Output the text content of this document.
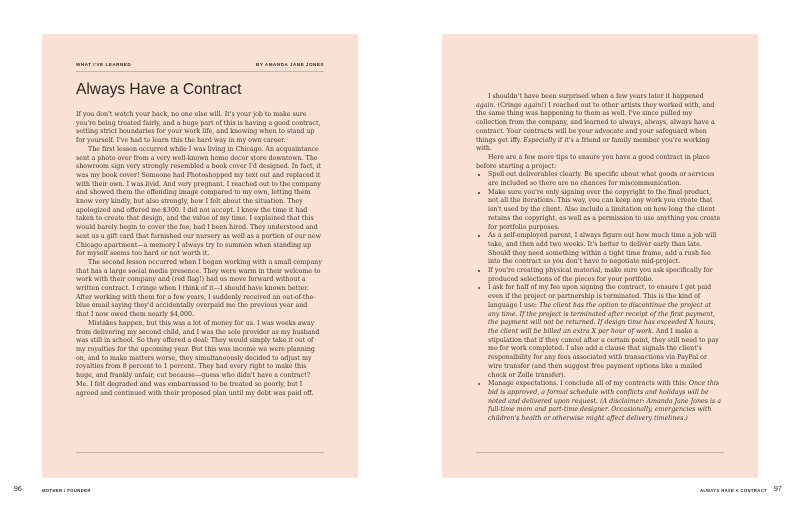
WHAT I'VE LEARNED	BY AMANDA JANE JONES
Always Have a Contract

If you don't watch your back, no one else will. It's your job to make sure you're being treated fairly, and a huge part of this is having a good contract, setting strict boundaries for your work life, and knowing when to stand up for yourself. I've had to learn this the hard way in my own career.

The first lesson occurred while I was living in Chicago. An acquaintance sent a photo over from a very well-known home decor store downtown. The showroom sign very strongly resembled a book cover I'd designed. In fact, it was my book cover! Someone had Photoshopped my text out and replaced it with their own. I was livid. And very pregnant. I reached out to the company and showed them the offending image compared to my own, letting them know very kindly, but also strongly, how I felt about the situation. They apologized and offered me $300. I did not accept. I knew the time it had taken to create that design, and the value of my time. I explained that this would barely begin to cover the fee, had I been hired. They understood and sent us a gift card that furnished our nursery as well as a portion of our new Chicago apartment—a memory I always try to summon when standing up for myself seems too hard or not worth it.

The second lesson occurred when I began working with a small company that has a large social media presence. They were warm in their welcome to work with their company and (red flag!) had us move forward without a written contract. I cringe when I think of it—I should have known better. After working with them for a few years, I suddenly received an out-of-the-blue email saying they'd accidentally overpaid me the previous year and that I now owed them nearly $4,000.

Mistakes happen, but this was a lot of money for us. I was weeks away from delivering my second child, and I was the sole provider as my husband was still in school. So they offered a deal: They would simply take it out of my royalties for the upcoming year. But this was income we were planning on, and to make matters worse, they simultaneously decided to adjust my royalties from 8 percent to 1 percent. They had every right to make this huge, and frankly unfair, cut because—guess who didn't have a contract? Me. I felt degraded and was embarrassed to be treated so poorly, but I agreed and continued with their proposed plan until my debt was paid off.

96	MOTHER / FOUNDER

I shouldn't have been surprised when a few years later it happened again. (Cringe again!) I reached out to other artists they worked with, and the same thing was happening to them as well. I've since pulled my collection from the company, and learned to always, always, always have a contract. Your contracts will be your advocate and your safeguard when things get iffy. Especially if it's a friend or family member you're working with.

Here are a few more tips to ensure you have a good contract in place before starting a project:

• Spell out deliverables clearly. Be specific about what goods or services are included so there are no chances for miscommunication.
• Make sure you're only signing over the copyright to the final product, not all the iterations. This way, you can keep any work you create that isn't used by the client. Also include a limitation on how long the client retains the copyright, as well as a permission to use anything you create for portfolio purposes.
• As a self-employed parent, I always figure out how much time a job will take, and then add two weeks. It's better to deliver early than late. Should they need something within a tight time frame, add a rush fee into the contract so you don't have to negotiate mid-project.
• If you're creating physical material, make sure you ask specifically for produced selections of the pieces for your portfolio.
• I ask for half of my fee upon signing the contract, to ensure I get paid even if the project or partnership is terminated. This is the kind of language I use: The client has the option to discontinue the project at any time. If the project is terminated after receipt of the first payment, the payment will not be returned. If design time has exceeded X hours, the client will be billed an extra X per hour of work. And I make a stipulation that if they cancel after a certain point, they still need to pay me for work completed. I also add a clause that signals the client's responsibility for any fees associated with transactions via PayPal or wire transfer (and then suggest free payment options like a mailed check or Zelle transfer).
• Manage expectations. I conclude all of my contracts with this: Once this bid is approved, a formal schedule with conflicts and holidays will be noted and delivered upon request. (A disclaimer: Amanda Jane Jones is a full-time mom and part-time designer. Occasionally, emergencies with children's health or otherwise might affect delivery timelines.)
ALWAYS HAVE A CONTRACT 97
